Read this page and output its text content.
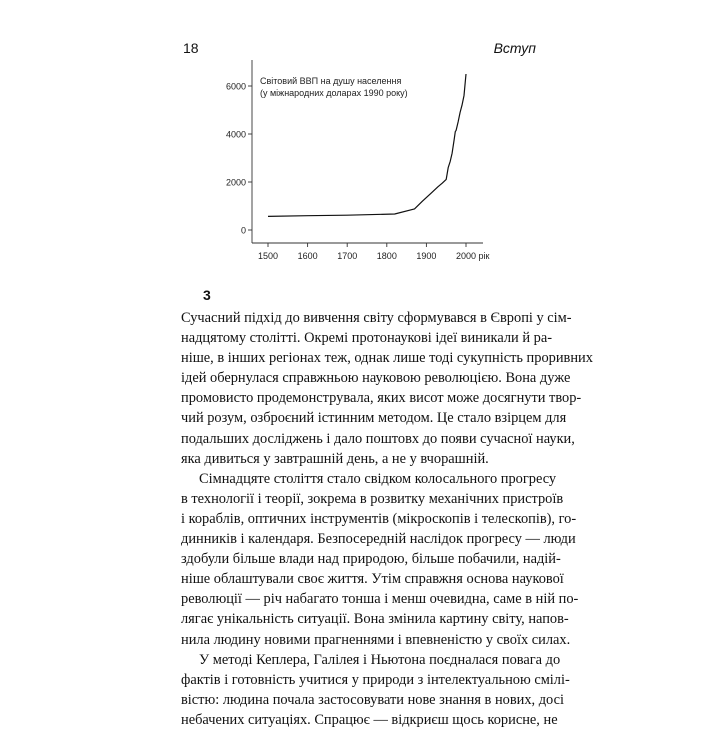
18	Вступ
0
2000
4000
6000
1500 1600 1700 1800 1900 2000 рік
Світовий ВВП на душу населення
(у міжнародних доларах 1990 року)
3

Сучасний підхід до вивчення світу сформувався в Європі у сім-
надцятому столітті. Окремі протонаукові ідеї виникали й ра-
ніше, в інших регіонах теж, однак лише тоді сукупність проривних
ідей обернулася справжньою науковою революцією. Вона дуже
промовисто продемонструвала, яких висот може досягнути твор-
чий розум, озброєний істинним методом. Це стало взірцем для
подальших досліджень і дало поштовх до появи сучасної науки,
яка дивиться у завтрашній день, а не у вчорашній.

Сімнадцяте століття стало свідком колосального прогресу
в технології і теорії, зокрема в розвитку механічних пристроїв
і кораблів, оптичних інструментів (мікроскопів і телескопів), го-
динників і календаря. Безпосередній наслідок прогресу — люди
здобули більше влади над природою, більше побачили, надій-
ніше облаштували своє життя. Утім справжня основа наукової
революції — річ набагато тонша і менш очевидна, саме в ній по-
лягає унікальність ситуації. Вона змінила картину світу, напов-
нила людину новими прагненнями і впевненістю у своїх силах.

У методі Кеплера, Галілея і Ньютона поєдналася повага до
фактів і готовність учитися у природи з інтелектуальною смілі-
вістю: людина почала застосовувати нове знання в нових, досі
небачених ситуаціях. Спрацює — відкриєш щось корисне, не
